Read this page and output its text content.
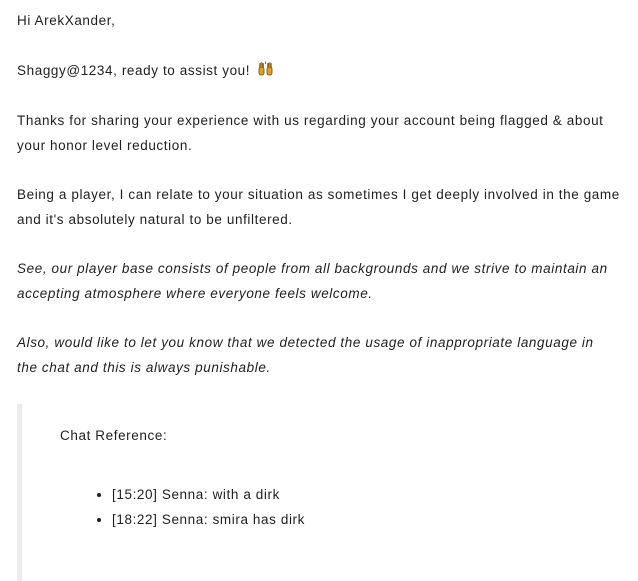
Hi ArekXander,

Shaggy@1234, ready to assist you!

Thanks for sharing your experience with us regarding your account being flagged & about your honor level reduction.

Being a player, I can relate to your situation as sometimes I get deeply involved in the game and it's absolutely natural to be unfiltered.

See, our player base consists of people from all backgrounds and we strive to maintain an accepting atmosphere where everyone feels welcome.

Also, would like to let you know that we detected the usage of inappropriate language in the chat and this is always punishable.

Chat Reference:

• [15:20] Senna: with a dirk
• [18:22] Senna: smira has dirk
